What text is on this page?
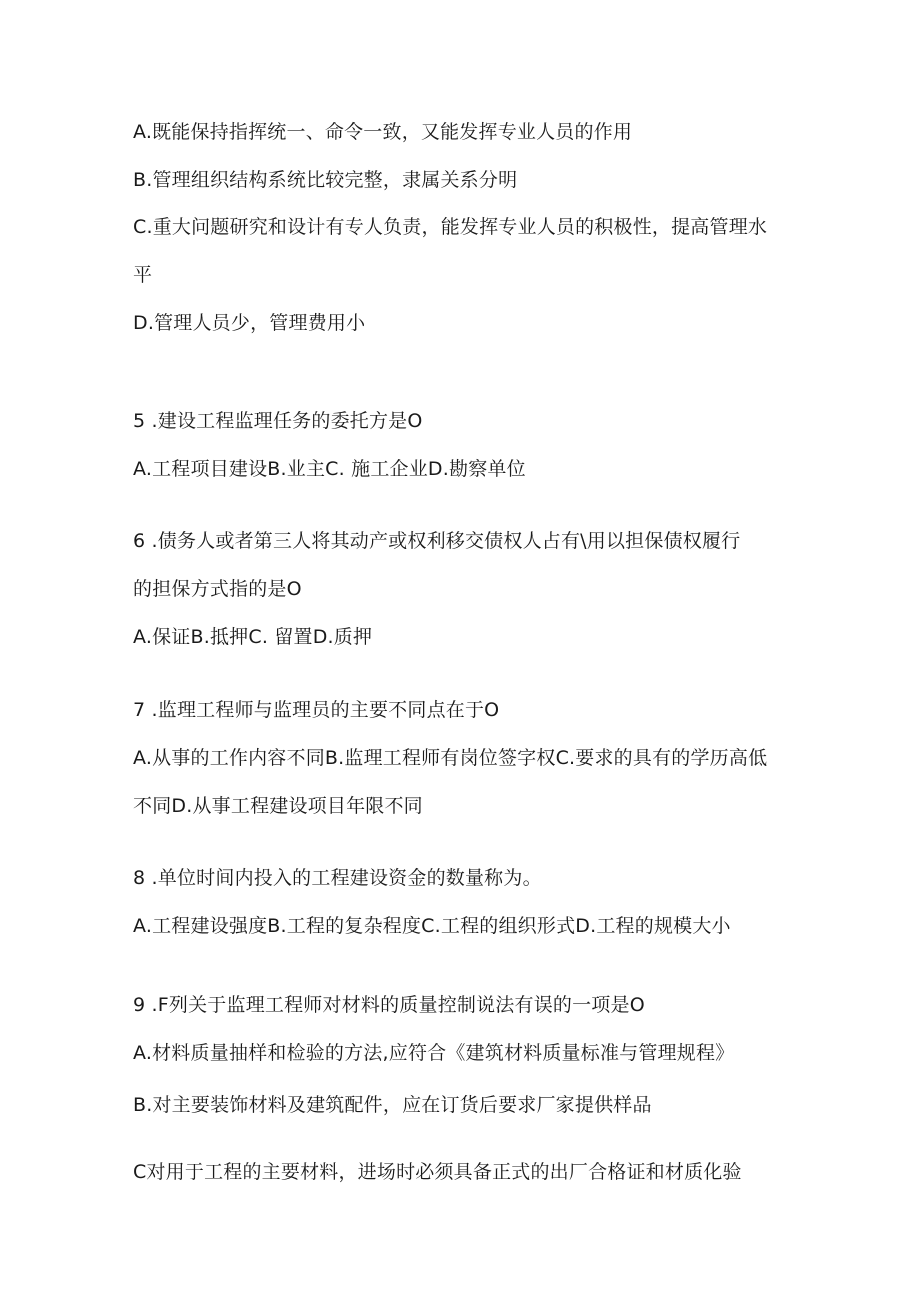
A.既能保持指挥统一、命令一致，又能发挥专业人员的作用
B.管理组织结构系统比较完整，隶属关系分明
C.重大问题研究和设计有专人负责，能发挥专业人员的积极性，提高管理水
平
D.管理人员少，管理费用小
5 .建设工程监理任务的委托方是O
A.工程项目建设B.业主C. 施工企业D.勘察单位
6 .债务人或者第三人将其动产或权利移交债权人占有\用以担保债权履行
的担保方式指的是O
A.保证B.抵押C. 留置D.质押
7 .监理工程师与监理员的主要不同点在于O
A.从事的工作内容不同B.监理工程师有岗位签字权C.要求的具有的学历高低
不同D.从事工程建设项目年限不同
8 .单位时间内投入的工程建设资金的数量称为。
A.工程建设强度B.工程的复杂程度C.工程的组织形式D.工程的规模大小
9 .F列关于监理工程师对材料的质量控制说法有误的一项是O
A.材料质量抽样和检验的方法,应符合《建筑材料质量标准与管理规程》
B.对主要装饰材料及建筑配件，应在订货后要求厂家提供样品
C对用于工程的主要材料，进场时必须具备正式的出厂合格证和材质化验
